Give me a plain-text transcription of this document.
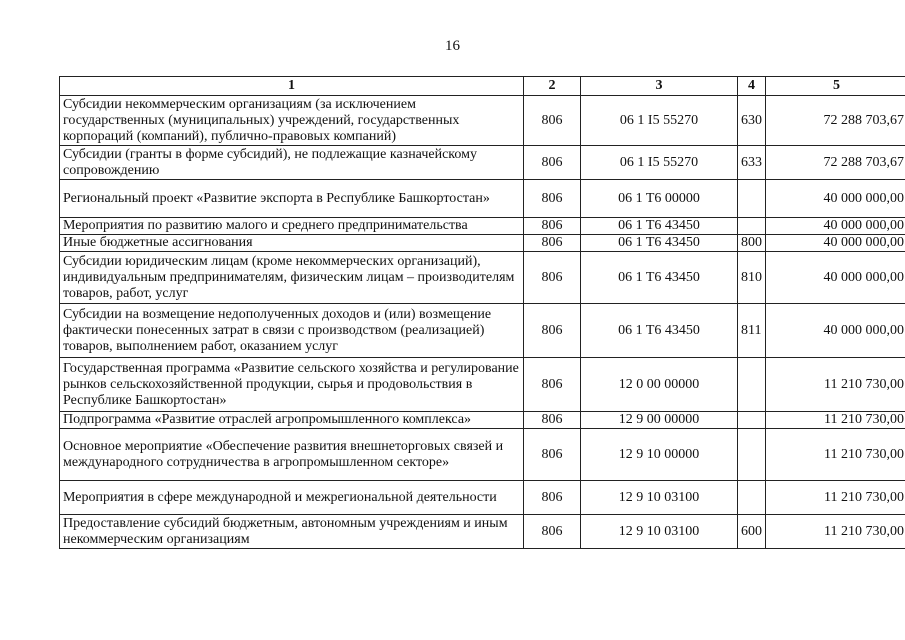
16
1	2	3	4	5
Субсидии некоммерческим организациям (за исключением государственных (муниципальных) учреждений, государственных корпораций (компаний), публично-правовых компаний)	806	06 1 I5 55270	630	72 288 703,67
Субсидии (гранты в форме субсидий), не подлежащие казначейскому сопровождению	806	06 1 I5 55270	633	72 288 703,67
Региональный проект «Развитие экспорта в Республике Башкортостан»	806	06 1 T6 00000		40 000 000,00
Мероприятия по развитию малого и среднего предпринимательства	806	06 1 T6 43450		40 000 000,00
Иные бюджетные ассигнования	806	06 1 T6 43450	800	40 000 000,00
Субсидии юридическим лицам (кроме некоммерческих организаций), индивидуальным предпринимателям, физическим лицам – производителям товаров, работ, услуг	806	06 1 T6 43450	810	40 000 000,00
Субсидии на возмещение недополученных доходов и (или) возмещение фактически понесенных затрат в связи с производством (реализацией) товаров, выполнением работ, оказанием услуг	806	06 1 T6 43450	811	40 000 000,00
Государственная программа «Развитие сельского хозяйства и регулирование рынков сельскохозяйственной продукции, сырья и продовольствия в Республике Башкортостан»	806	12 0 00 00000		11 210 730,00
Подпрограмма «Развитие отраслей агропромышленного комплекса»	806	12 9 00 00000		11 210 730,00
Основное мероприятие «Обеспечение развития внешнеторговых связей и международного сотрудничества в агропромышленном секторе»	806	12 9 10 00000		11 210 730,00
Мероприятия в сфере международной и межрегиональной деятельности	806	12 9 10 03100		11 210 730,00
Предоставление субсидий бюджетным, автономным учреждениям и иным некоммерческим организациям	806	12 9 10 03100	600	11 210 730,00
